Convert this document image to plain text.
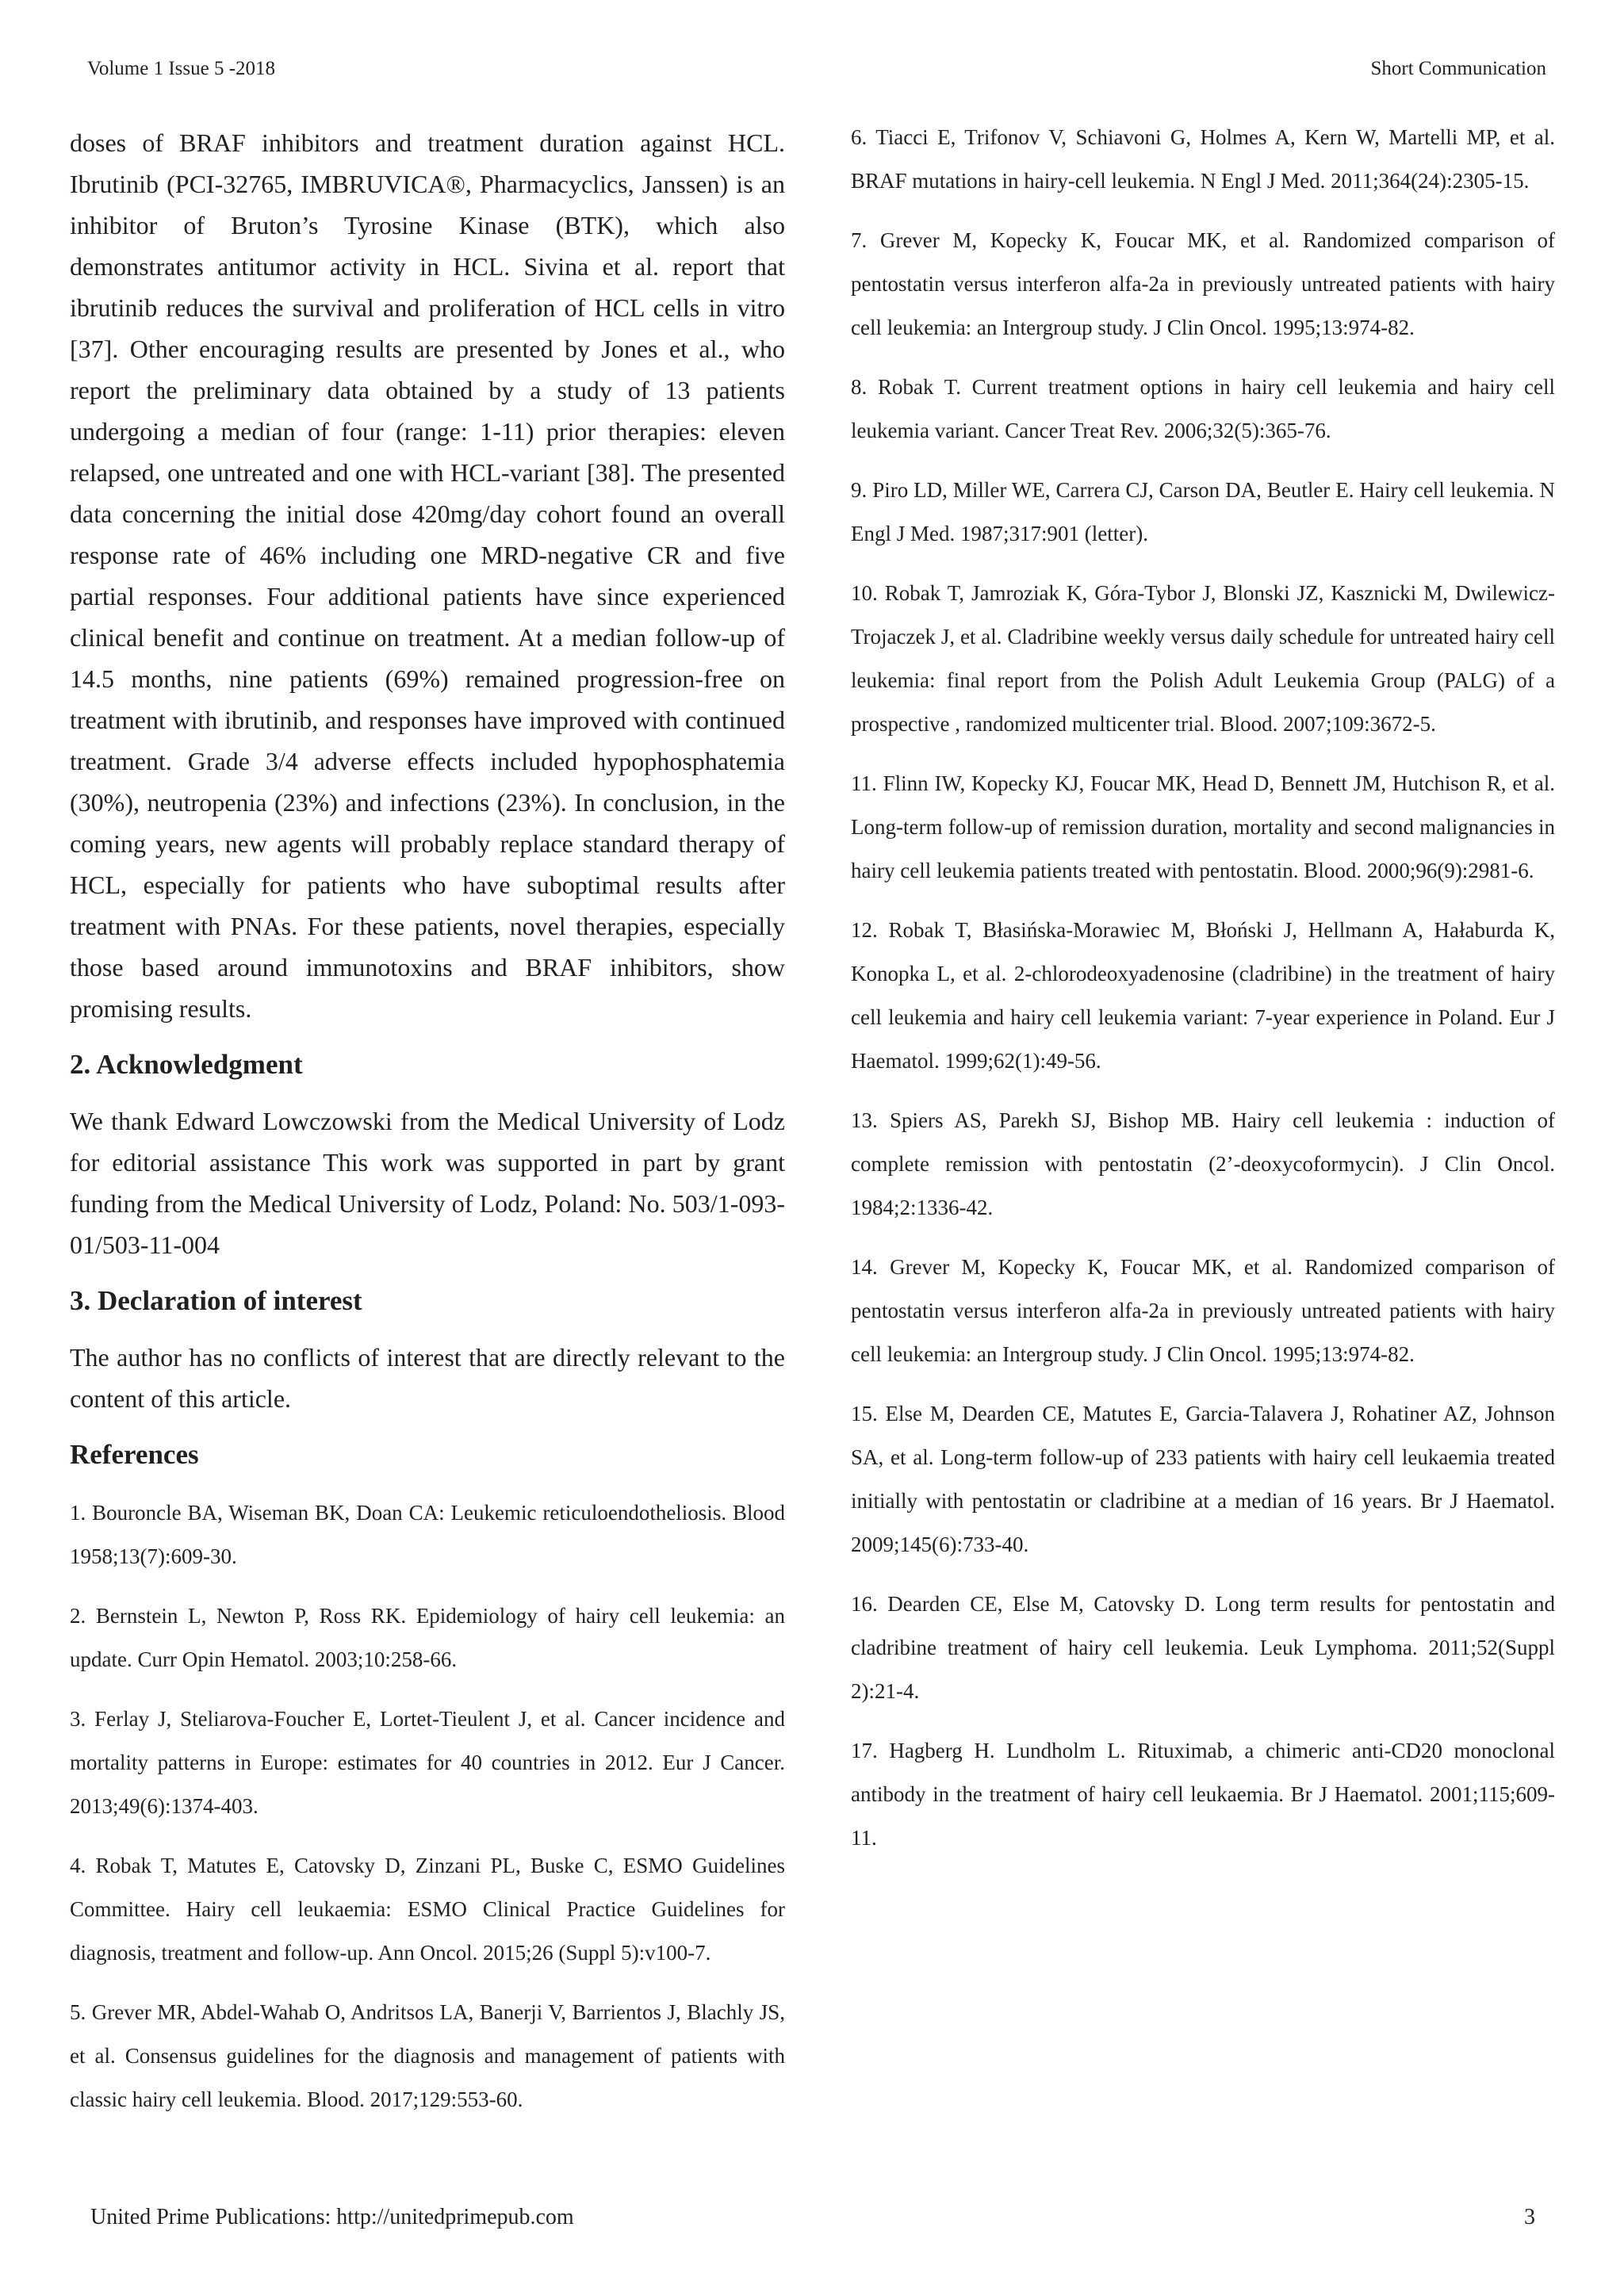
Volume 1 Issue 5 -2018	Short Communication

doses of BRAF inhibitors and treatment duration against HCL. Ibrutinib (PCI-32765, IMBRUVICA®, Pharmacyclics, Janssen) is an inhibitor of Bruton’s Tyrosine Kinase (BTK), which also demonstrates antitumor activity in HCL. Sivina et al. report that ibrutinib reduces the survival and proliferation of HCL cells in vitro [37]. Other encouraging results are presented by Jones et al., who report the preliminary data obtained by a study of 13 patients undergoing a median of four (range: 1-11) prior therapies: eleven relapsed, one untreated and one with HCL-variant [38]. The presented data concerning the initial dose 420mg/day cohort found an overall response rate of 46% including one MRD-negative CR and five partial responses. Four additional patients have since experienced clinical benefit and continue on treatment. At a median follow-up of 14.5 months, nine patients (69%) remained progression-free on treatment with ibrutinib, and responses have improved with continued treatment. Grade 3/4 adverse effects included hypophosphatemia (30%), neutropenia (23%) and infections (23%). In conclusion, in the coming years, new agents will probably replace standard therapy of HCL, especially for patients who have suboptimal results after treatment with PNAs. For these patients, novel therapies, especially those based around immunotoxins and BRAF inhibitors, show promising results.

2. Acknowledgment

We thank Edward Lowczowski from the Medical University of Lodz for editorial assistance This work was supported in part by grant funding from the Medical University of Lodz, Poland: No. 503/1-093-01/503-11-004

3. Declaration of interest

The author has no conflicts of interest that are directly relevant to the content of this article.

References

1. Bouroncle BA, Wiseman BK, Doan CA: Leukemic reticuloendotheliosis. Blood 1958;13(7):609-30.

2. Bernstein L, Newton P, Ross RK. Epidemiology of hairy cell leukemia: an update. Curr Opin Hematol. 2003;10:258-66.

3. Ferlay J, Steliarova-Foucher E, Lortet-Tieulent J, et al. Cancer incidence and mortality patterns in Europe: estimates for 40 countries in 2012. Eur J Cancer. 2013;49(6):1374-403.

4. Robak T, Matutes E, Catovsky D, Zinzani PL, Buske C, ESMO Guidelines Committee. Hairy cell leukaemia: ESMO Clinical Practice Guidelines for diagnosis, treatment and follow-up. Ann Oncol. 2015;26 (Suppl 5):v100-7.

5. Grever MR, Abdel-Wahab O, Andritsos LA, Banerji V, Barrientos J, Blachly JS, et al. Consensus guidelines for the diagnosis and management of patients with classic hairy cell leukemia. Blood. 2017;129:553-60.

6. Tiacci E, Trifonov V, Schiavoni G, Holmes A, Kern W, Martelli MP, et al. BRAF mutations in hairy-cell leukemia. N Engl J Med. 2011;364(24):2305-15.

7. Grever M, Kopecky K, Foucar MK, et al. Randomized comparison of pentostatin versus interferon alfa-2a in previously untreated patients with hairy cell leukemia: an Intergroup study. J Clin Oncol. 1995;13:974-82.

8. Robak T. Current treatment options in hairy cell leukemia and hairy cell leukemia variant. Cancer Treat Rev. 2006;32(5):365-76.

9. Piro LD, Miller WE, Carrera CJ, Carson DA, Beutler E. Hairy cell leukemia. N Engl J Med. 1987;317:901 (letter).

10. Robak T, Jamroziak K, Góra-Tybor J, Blonski JZ, Kasznicki M, Dwilewicz-Trojaczek J, et al. Cladribine weekly versus daily schedule for untreated hairy cell leukemia: final report from the Polish Adult Leukemia Group (PALG) of a prospective , randomized multicenter trial. Blood. 2007;109:3672-5.

11. Flinn IW, Kopecky KJ, Foucar MK, Head D, Bennett JM, Hutchison R, et al. Long-term follow-up of remission duration, mortality and second malignancies in hairy cell leukemia patients treated with pentostatin. Blood. 2000;96(9):2981-6.

12. Robak T, Błasińska-Morawiec M, Błoński J, Hellmann A, Hałaburda K, Konopka L, et al. 2-chlorodeoxyadenosine (cladribine) in the treatment of hairy cell leukemia and hairy cell leukemia variant: 7-year experience in Poland. Eur J Haematol. 1999;62(1):49-56.

13. Spiers AS, Parekh SJ, Bishop MB. Hairy cell leukemia : induction of complete remission with pentostatin (2’-deoxycoformycin). J Clin Oncol. 1984;2:1336-42.

14. Grever M, Kopecky K, Foucar MK, et al. Randomized comparison of pentostatin versus interferon alfa-2a in previously untreated patients with hairy cell leukemia: an Intergroup study. J Clin Oncol. 1995;13:974-82.

15. Else M, Dearden CE, Matutes E, Garcia-Talavera J, Rohatiner AZ, Johnson SA, et al. Long-term follow-up of 233 patients with hairy cell leukaemia treated initially with pentostatin or cladribine at a median of 16 years. Br J Haematol. 2009;145(6):733-40.

16. Dearden CE, Else M, Catovsky D. Long term results for pentostatin and cladribine treatment of hairy cell leukemia. Leuk Lymphoma. 2011;52(Suppl 2):21-4.

17. Hagberg H. Lundholm L. Rituximab, a chimeric anti-CD20 monoclonal antibody in the treatment of hairy cell leukaemia. Br J Haematol. 2001;115;609-11.

United Prime Publications: http://unitedprimepub.com	3
